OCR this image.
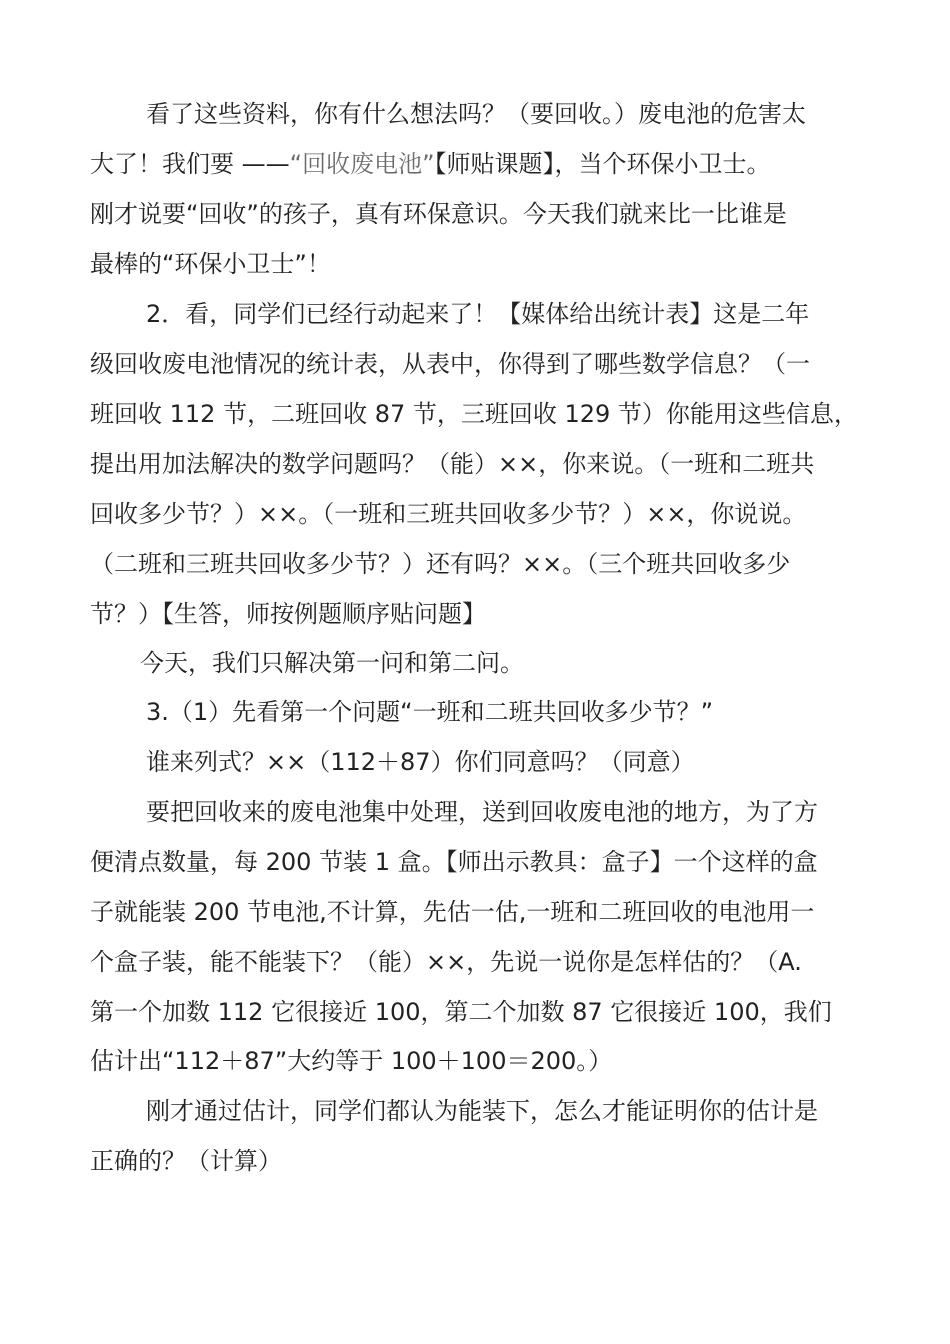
看了这些资料，你有什么想法吗？（要回收。）废电池的危害太
大了！我们要 ——“回收废电池”【师贴课题】，当个环保小卫士。
刚才说要“回收”的孩子，真有环保意识。今天我们就来比一比谁是
最棒的“环保小卫士”！
2．看，同学们已经行动起来了！【媒体给出统计表】这是二年
级回收废电池情况的统计表，从表中，你得到了哪些数学信息？（一
班回收 112 节，二班回收 87 节，三班回收 129 节）你能用这些信息，
提出用加法解决的数学问题吗？（能）××，你来说。（一班和二班共
回收多少节？）××。（一班和三班共回收多少节？）××，你说说。
（二班和三班共回收多少节？）还有吗？××。（三个班共回收多少
节？）【生答，师按例题顺序贴问题】
今天，我们只解决第一问和第二问。
3.（1）先看第一个问题“一班和二班共回收多少节？”
谁来列式？××（112＋87）你们同意吗？（同意）
要把回收来的废电池集中处理，送到回收废电池的地方，为了方
便清点数量，每 200 节装 1 盒。【师出示教具：盒子】一个这样的盒
子就能装 200 节电池,不计算，先估一估,一班和二班回收的电池用一
个盒子装，能不能装下？（能）××，先说一说你是怎样估的？（A.
第一个加数 112 它很接近 100，第二个加数 87 它很接近 100，我们
估计出“112＋87”大约等于 100＋100＝200。）
刚才通过估计，同学们都认为能装下，怎么才能证明你的估计是
正确的？（计算）
